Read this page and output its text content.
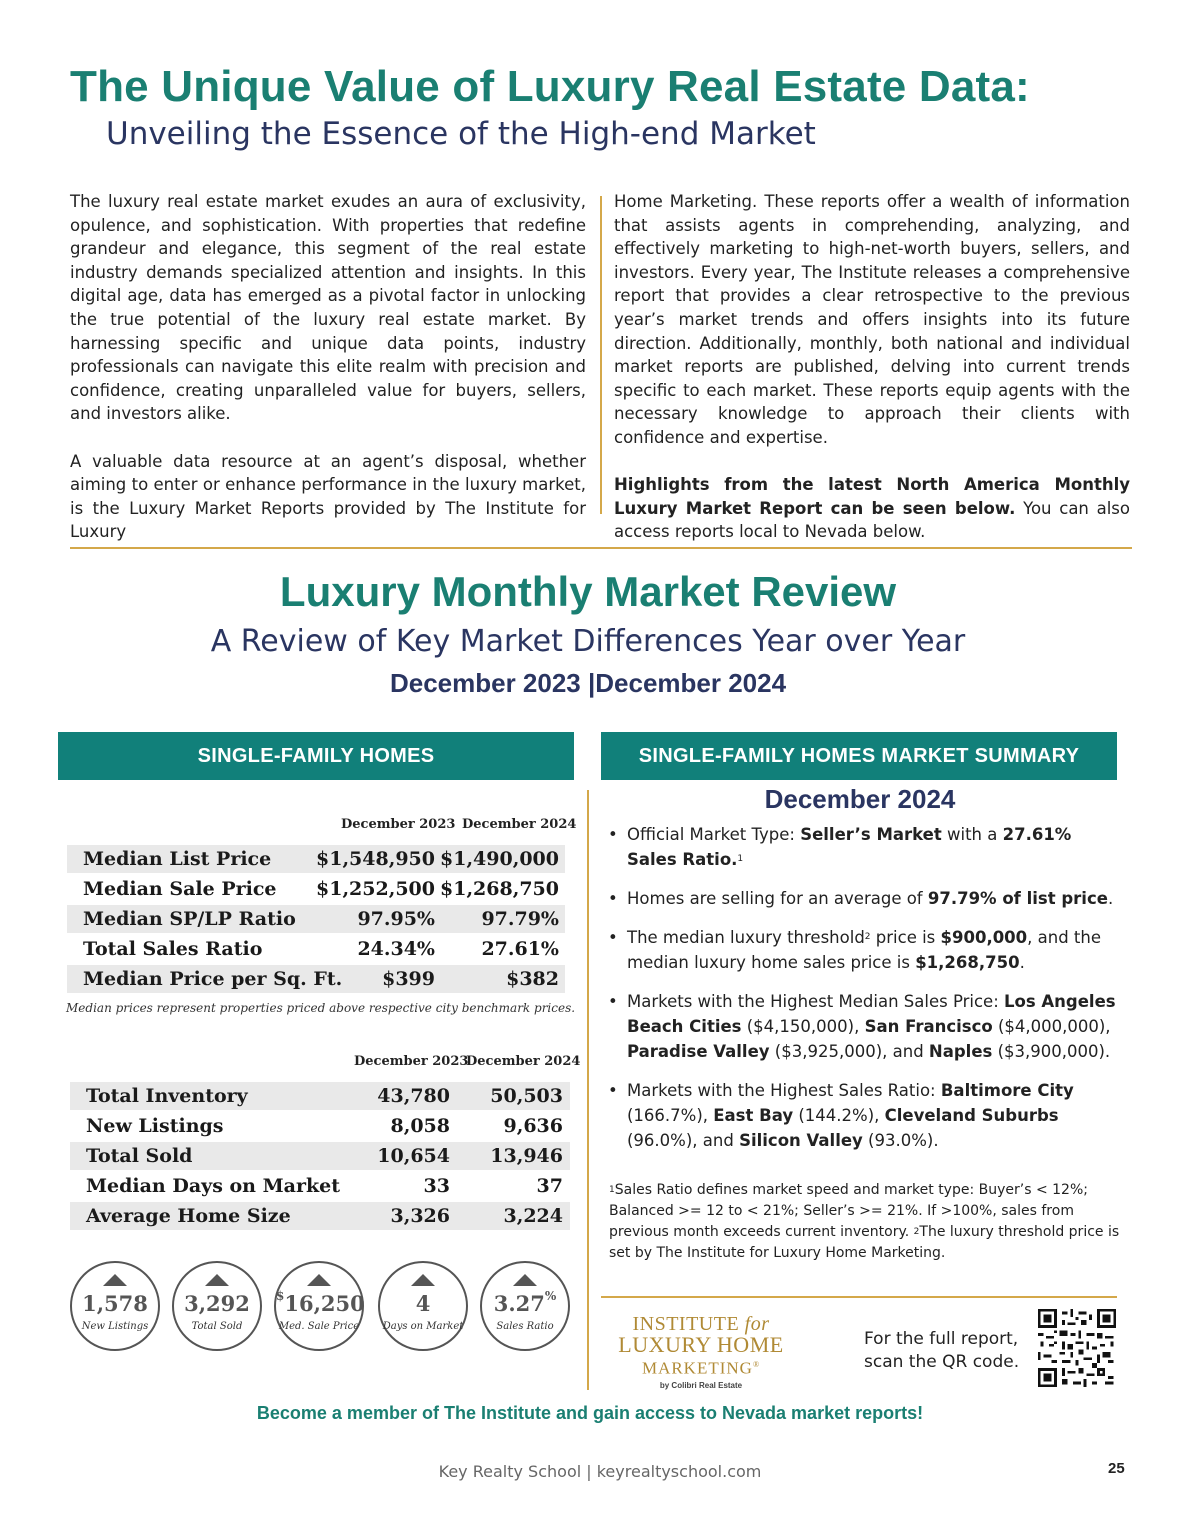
The Unique Value of Luxury Real Estate Data:
Unveiling the Essence of the High-end Market

The luxury real estate market exudes an aura of exclusivity, opulence, and sophistication. With properties that redefine grandeur and elegance, this segment of the real estate industry demands specialized attention and insights. In this digital age, data has emerged as a pivotal factor in unlocking the true potential of the luxury real estate market. By harnessing specific and unique data points, industry professionals can navigate this elite realm with precision and confidence, creating unparalleled value for buyers, sellers, and investors alike.

A valuable data resource at an agent’s disposal, whether aiming to enter or enhance performance in the luxury market, is the Luxury Market Reports provided by The Institute for Luxury

Home Marketing. These reports offer a wealth of information that assists agents in comprehending, analyzing, and effectively marketing to high-net-worth buyers, sellers, and investors. Every year, The Institute releases a comprehensive report that provides a clear retrospective to the previous year’s market trends and offers insights into its future direction. Additionally, monthly, both national and individual market reports are published, delving into current trends specific to each market. These reports equip agents with the necessary knowledge to approach their clients with confidence and expertise.

Highlights from the latest North America Monthly Luxury Market Report can be seen below. You can also access reports local to Nevada below.

Luxury Monthly Market Review
A Review of Key Market Differences Year over Year
December 2023 |December 2024
SINGLE-FAMILY HOMES
December 2023 December 2024
Median List Price $1,548,950 $1,490,000
Median Sale Price $1,252,500 $1,268,750
Median SP/LP Ratio	97.95% 97.79%
Total Sales Ratio	24.34% 27.61%
Median Price per Sq. Ft. $399	$382
Median prices represent properties priced above respective city benchmark prices.
December 2023
December 2024
Total Inventory	43,780 50,503
New Listings	8,058	9,636
Total Sold	10,654 13,946
Median Days on Market	33	37
Average Home Size	3,326	3,224
1,578
New Listings
3,292
Total Sold
$16,250
Med. Sale Price
4
Days on Market
3.27%
Sales Ratio
SINGLE-FAMILY HOMES MARKET SUMMARY
December 2024
• Official Market Type: Seller’s Market with a 27.61% Sales Ratio.$^1$
• Homes are selling for an average of 97.79% of list price.
• The median luxury threshold$^2$ price is $900,000, and the median luxury home sales price is $1,268,750.
• Markets with the Highest Median Sales Price: Los Angeles Beach Cities ($4,150,000), San Francisco ($4,000,000), Paradise Valley ($3,925,000), and Naples ($3,900,000).
• Markets with the Highest Sales Ratio: Baltimore City (166.7%), East Bay (144.2%), Cleveland Suburbs (96.0%), and Silicon Valley (93.0%).
$^1$Sales Ratio defines market speed and market type: Buyer’s < 12%; Balanced >= 12 to < 21%; Seller’s >= 21%. If >100%, sales from previous month exceeds current inventory. $^2$The luxury threshold price is set by The Institute for Luxury Home Marketing.
INSTITUTE for
LUXURY HOME
MARKETING®
by Colibri Real Estate
For the full report,
scan the QR code.
Become a member of The Institute and gain access to Nevada market reports!
Key Realty School | keyrealtyschool.com	25
